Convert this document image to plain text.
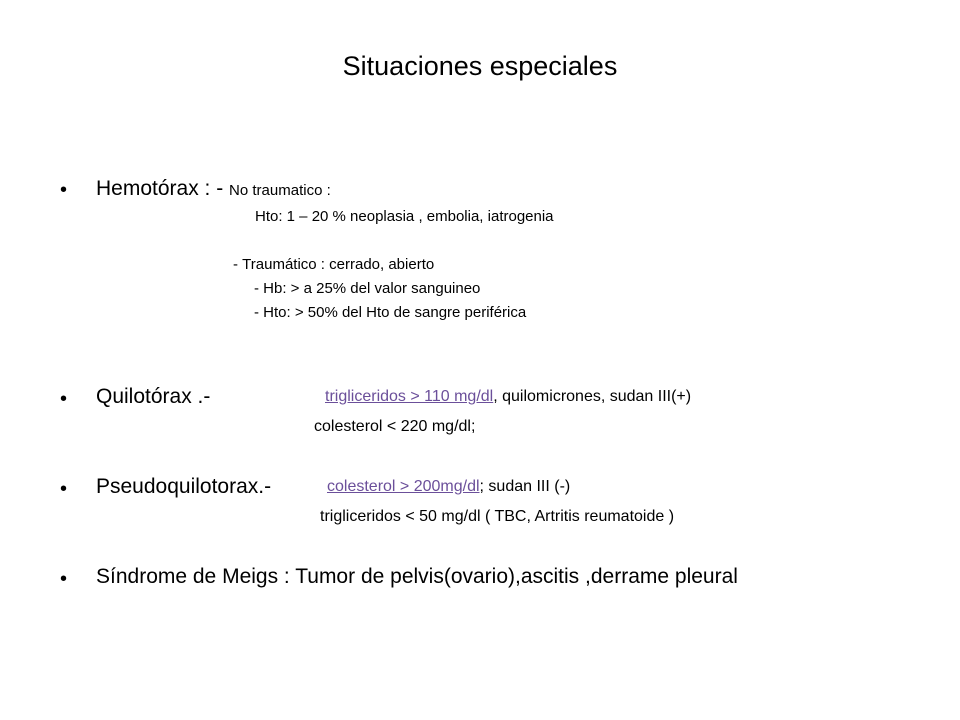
Situaciones especiales
• Hemotórax : - No traumatico :
Hto: 1 – 20 % neoplasia , embolia, iatrogenia
- Traumático : cerrado, abierto
- Hb: > a 25% del valor sanguineo
- Hto: > 50% del Hto de sangre periférica
• Quilotórax .-	trigliceridos > 110 mg/dl, quilomicrones, sudan III(+)
colesterol < 220 mg/dl;
• Pseudoquilotorax.-	colesterol > 200mg/dl; sudan III (-)
trigliceridos < 50 mg/dl ( TBC, Artritis reumatoide )
• Síndrome de Meigs : Tumor de pelvis(ovario),ascitis ,derrame pleural
